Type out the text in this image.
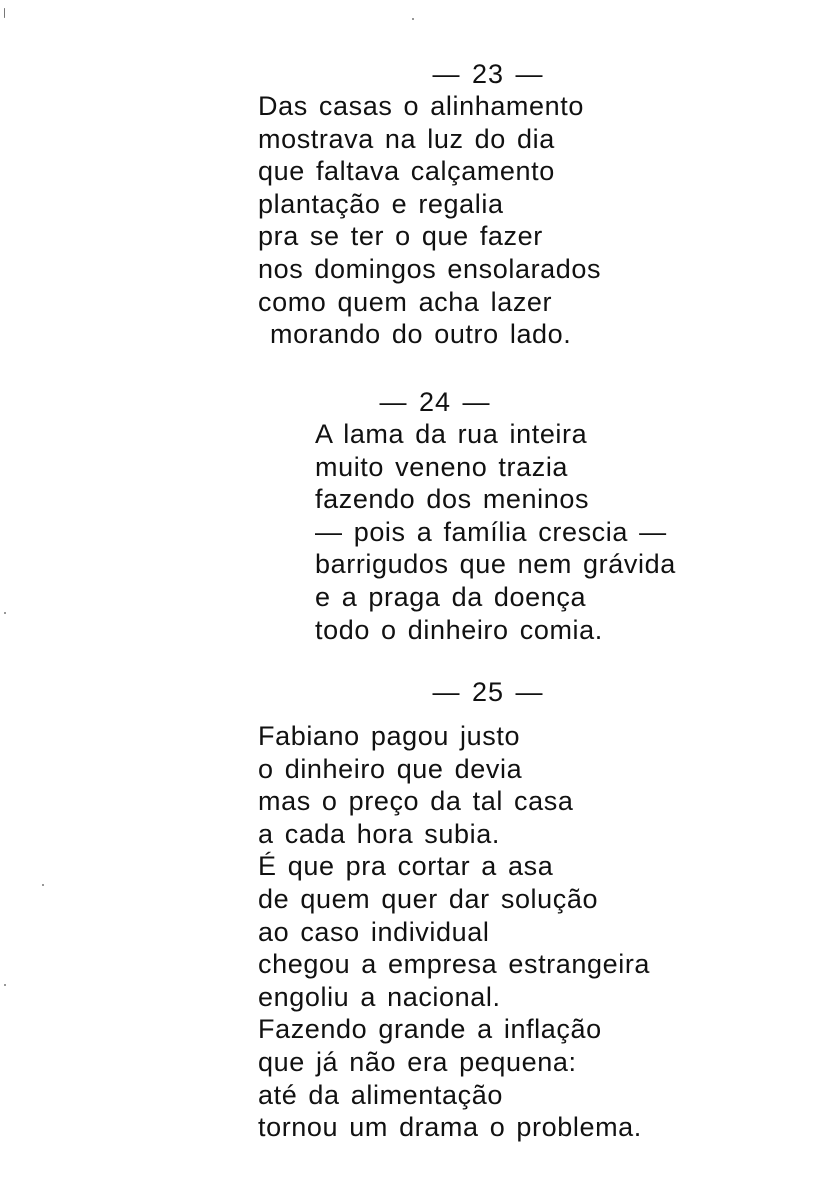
— 23 —
Das casas o alinhamento
mostrava na luz do dia
que faltava calçamento
plantação e regalia
pra se ter o que fazer
nos domingos ensolarados
como quem acha lazer
morando do outro lado.
— 24 —
A lama da rua inteira
muito veneno trazia
fazendo dos meninos
— pois a família crescia —
barrigudos que nem grávida
e a praga da doença
todo o dinheiro comia.
— 25 —
Fabiano pagou justo
o dinheiro que devia
mas o preço da tal casa
a cada hora subia.
É que pra cortar a asa
de quem quer dar solução
ao caso individual
chegou a empresa estrangeira
engoliu a nacional.
Fazendo grande a inflação
que já não era pequena:
até da alimentação
tornou um drama o problema.
